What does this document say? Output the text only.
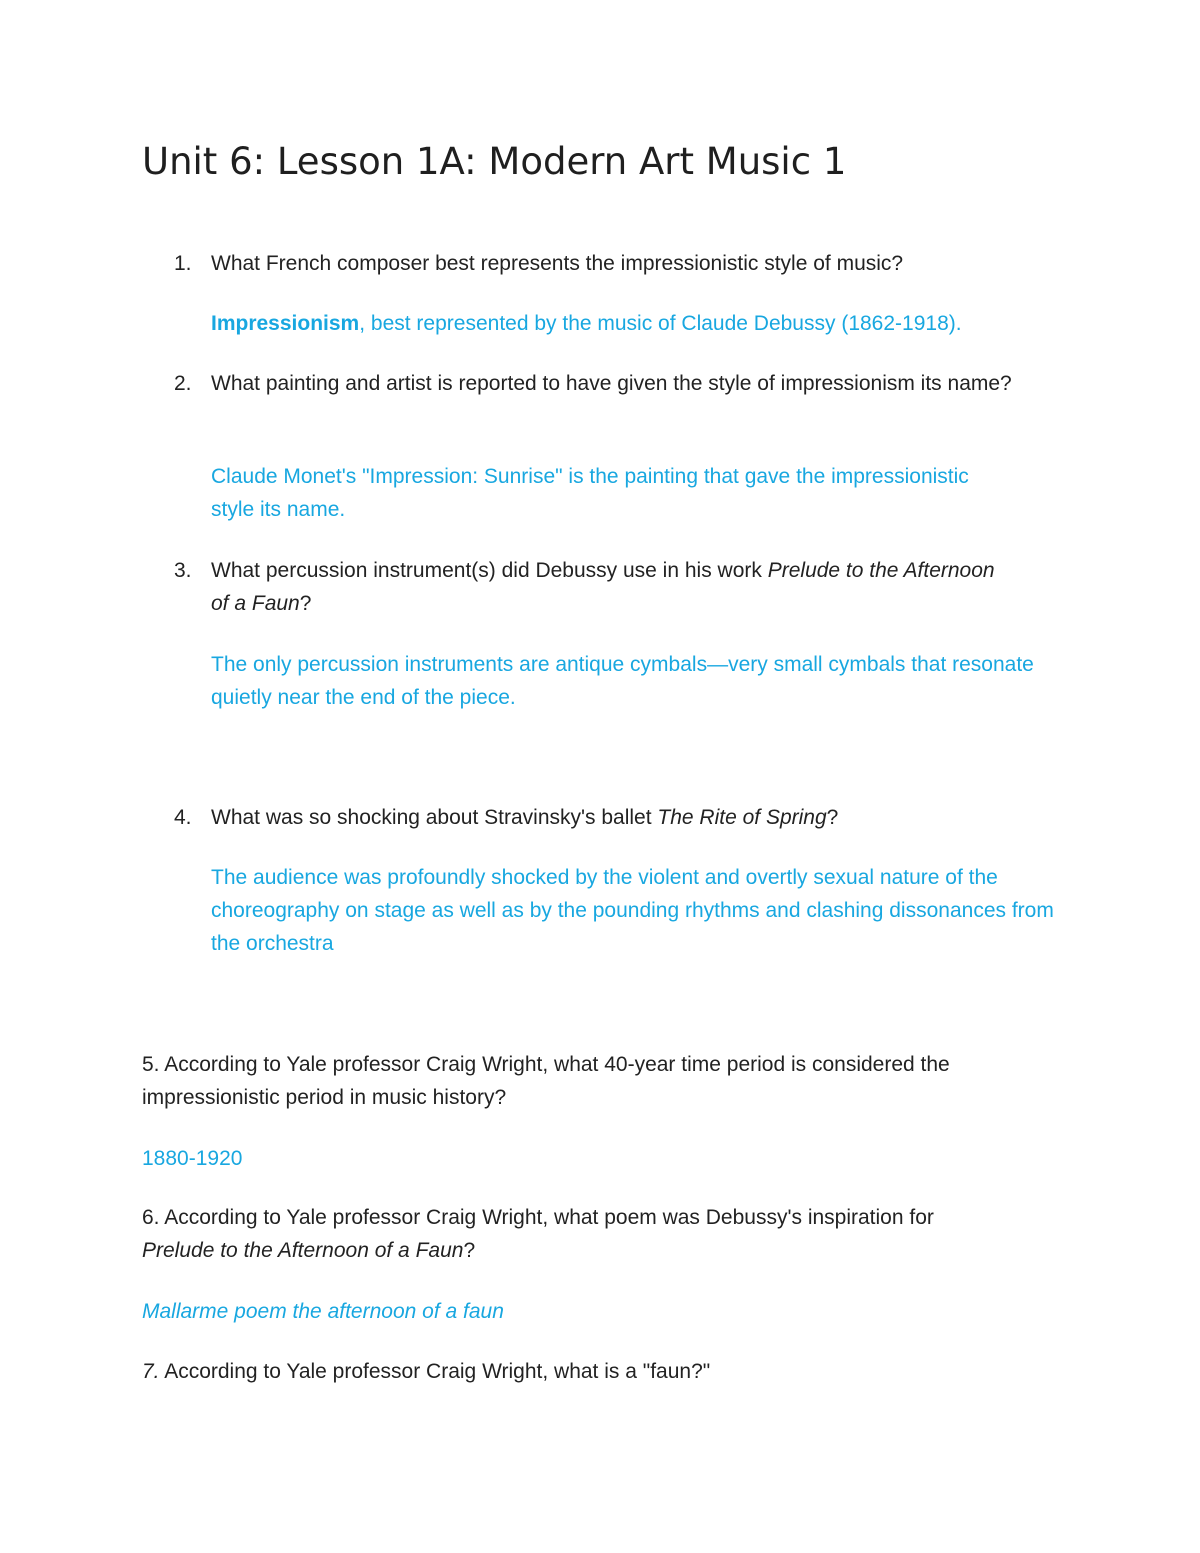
Unit 6: Lesson 1A: Modern Art Music 1
1. What French composer best represents the impressionistic style of music?
Impressionism, best represented by the music of Claude Debussy (1862-1918).
2. What painting and artist is reported to have given the style of impressionism its name?
Claude Monet's "Impression: Sunrise" is the painting that gave the impressionistic style its name.
3. What percussion instrument(s) did Debussy use in his work Prelude to the Afternoon of a Faun?
The only percussion instruments are antique cymbals—very small cymbals that resonate quietly near the end of the piece.
4. What was so shocking about Stravinsky's ballet The Rite of Spring?
The audience was profoundly shocked by the violent and overtly sexual nature of the choreography on stage as well as by the pounding rhythms and clashing dissonances from the orchestra
5. According to Yale professor Craig Wright, what 40-year time period is considered the impressionistic period in music history?
1880-1920
6. According to Yale professor Craig Wright, what poem was Debussy's inspiration for Prelude to the Afternoon of a Faun?
Mallarme poem the afternoon of a faun
7. According to Yale professor Craig Wright, what is a "faun?"
